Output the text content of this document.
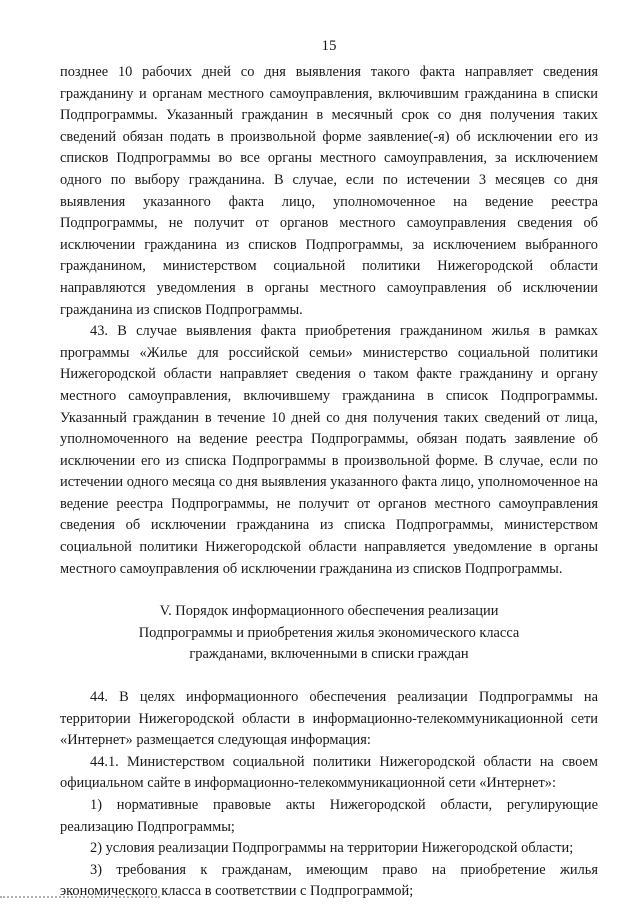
15

позднее 10 рабочих дней со дня выявления такого факта направляет сведения гражданину и органам местного самоуправления, включившим гражданина в списки Подпрограммы. Указанный гражданин в месячный срок со дня получения таких сведений обязан подать в произвольной форме заявление(-я) об исключении его из списков Подпрограммы во все органы местного самоуправления, за исключением одного по выбору гражданина. В случае, если по истечении 3 месяцев со дня выявления указанного факта лицо, уполномоченное на ведение реестра Подпрограммы, не получит от органов местного самоуправления сведения об исключении гражданина из списков Подпрограммы, за исключением выбранного гражданином, министерством социальной политики Нижегородской области направляются уведомления в органы местного самоуправления об исключении гражданина из списков Подпрограммы.

43. В случае выявления факта приобретения гражданином жилья в рамках программы «Жилье для российской семьи» министерство социальной политики Нижегородской области направляет сведения о таком факте гражданину и органу местного самоуправления, включившему гражданина в список Подпрограммы. Указанный гражданин в течение 10 дней со дня получения таких сведений от лица, уполномоченного на ведение реестра Подпрограммы, обязан подать заявление об исключении его из списка Подпрограммы в произвольной форме. В случае, если по истечении одного месяца со дня выявления указанного факта лицо, уполномоченное на ведение реестра Подпрограммы, не получит от органов местного самоуправления сведения об исключении гражданина из списка Подпрограммы, министерством социальной политики Нижегородской области направляется уведомление в органы местного самоуправления об исключении гражданина из списков Подпрограммы.

V. Порядок информационного обеспечения реализации
Подпрограммы и приобретения жилья экономического класса
гражданами, включенными в списки граждан

44. В целях информационного обеспечения реализации Подпрограммы на территории Нижегородской области в информационно-телекоммуникационной сети «Интернет» размещается следующая информация:

44.1. Министерством социальной политики Нижегородской области на своем официальном сайте в информационно-телекоммуникационной сети «Интернет»:

1) нормативные правовые акты Нижегородской области, регулирующие реализацию Подпрограммы;

2) условия реализации Подпрограммы на территории Нижегородской области;

3) требования к гражданам, имеющим право на приобретение жилья экономического класса в соответствии с Подпрограммой;
